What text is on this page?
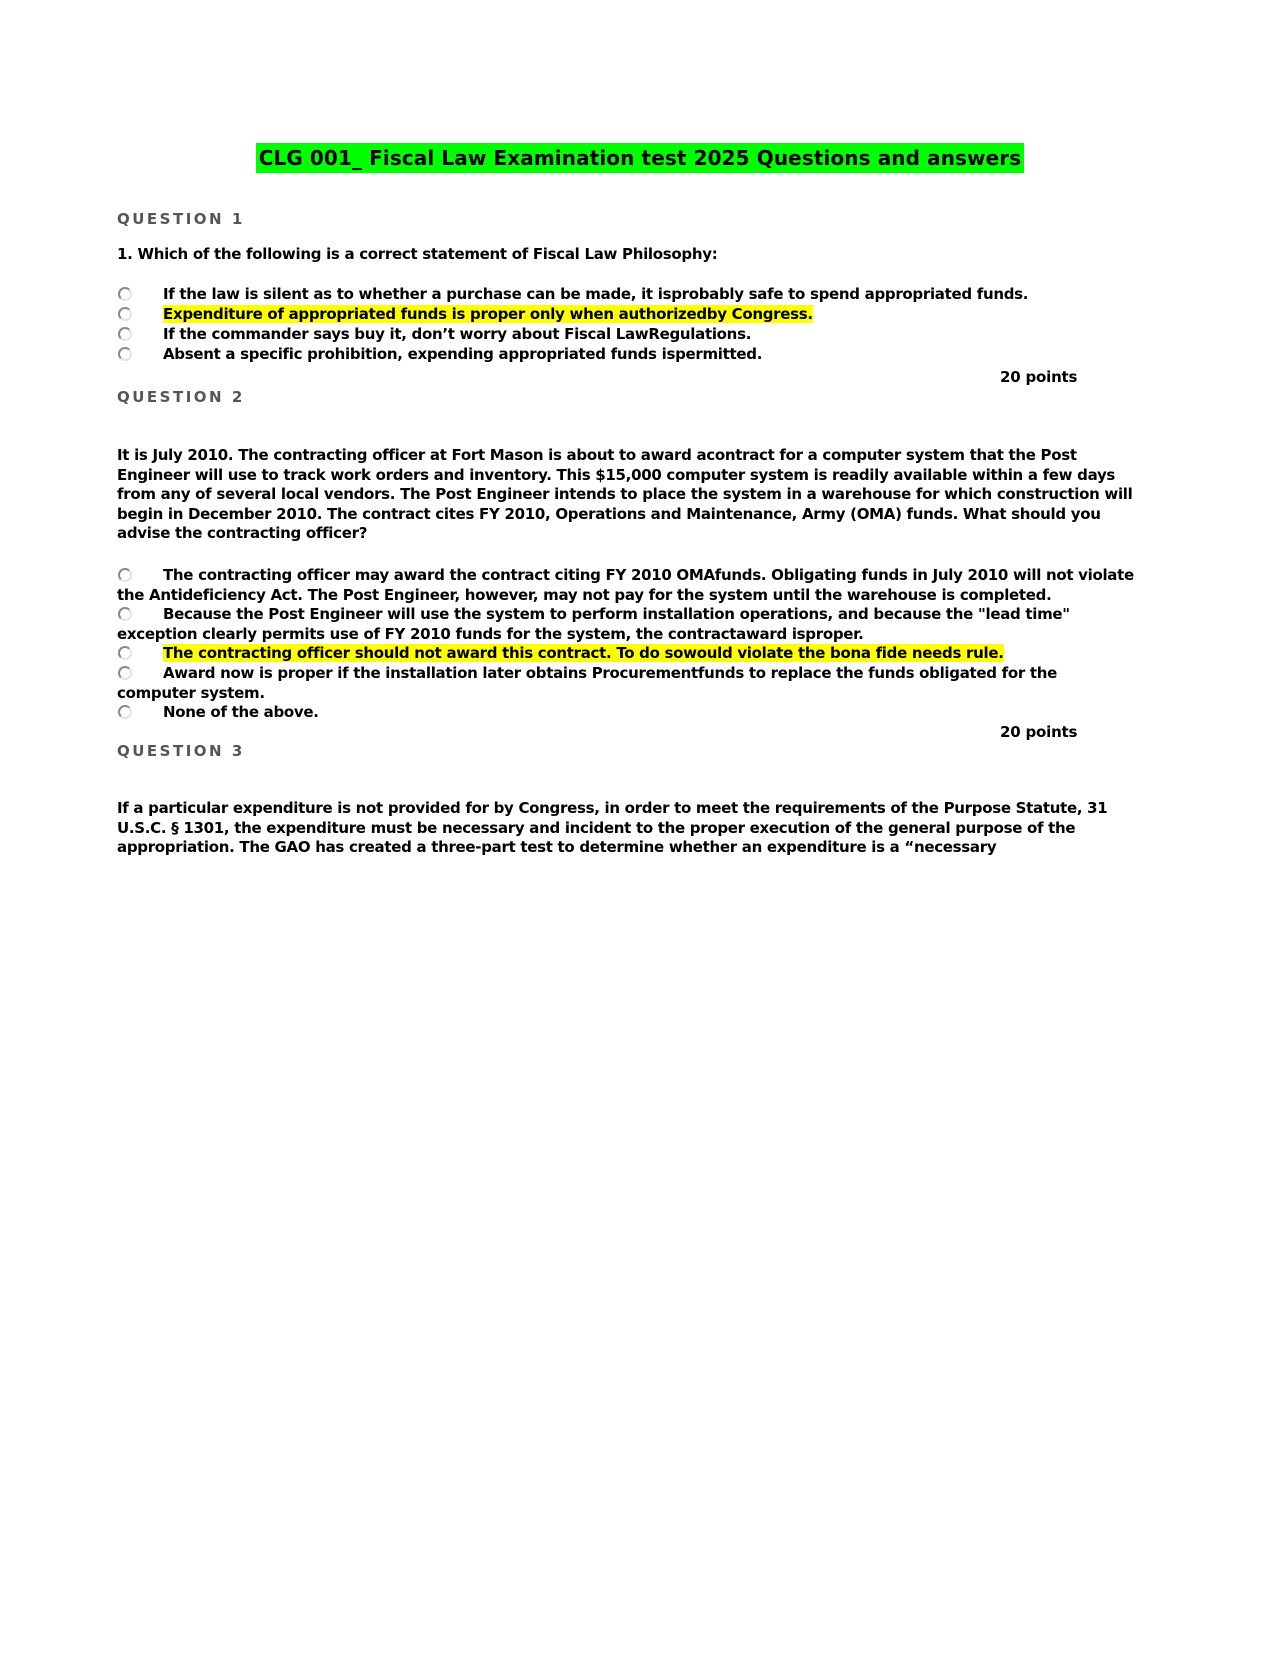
CLG 001_ Fiscal Law Examination test 2025 Questions and answers
QUESTION 1
1. Which of the following is a correct statement of Fiscal Law Philosophy:
If the law is silent as to whether a purchase can be made, it isprobably safe to spend appropriated funds.
Expenditure of appropriated funds is proper only when authorizedby Congress.
If the commander says buy it, don’t worry about Fiscal LawRegulations.
Absent a specific prohibition, expending appropriated funds ispermitted.
20 points
QUESTION 2
It is July 2010. The contracting officer at Fort Mason is about to award acontract for a computer system that the Post Engineer will use to track work orders and inventory. This $15,000 computer system is readily available within a few days from any of several local vendors. The Post Engineer intends to place the system in a warehouse for which construction will begin in December 2010. The contract cites FY 2010, Operations and Maintenance, Army (OMA) funds. What should you advise the contracting officer?
The contracting officer may award the contract citing FY 2010 OMAfunds. Obligating funds in July 2010 will not violate the Antideficiency Act. The Post Engineer, however, may not pay for the system until the warehouse is completed.
Because the Post Engineer will use the system to perform installation operations, and because the "lead time" exception clearly permits use of FY 2010 funds for the system, the contractaward isproper.
The contracting officer should not award this contract. To do sowould violate the bona fide needs rule.
Award now is proper if the installation later obtains Procurementfunds to replace the funds obligated for the computer system.
None of the above.
20 points
QUESTION 3
If a particular expenditure is not provided for by Congress, in order to meet the requirements of the Purpose Statute, 31 U.S.C. § 1301, the expenditure must be necessary and incident to the proper execution of the general purpose of the appropriation. The GAO has created a three-part test to determine whether an expenditure is a “necessary
